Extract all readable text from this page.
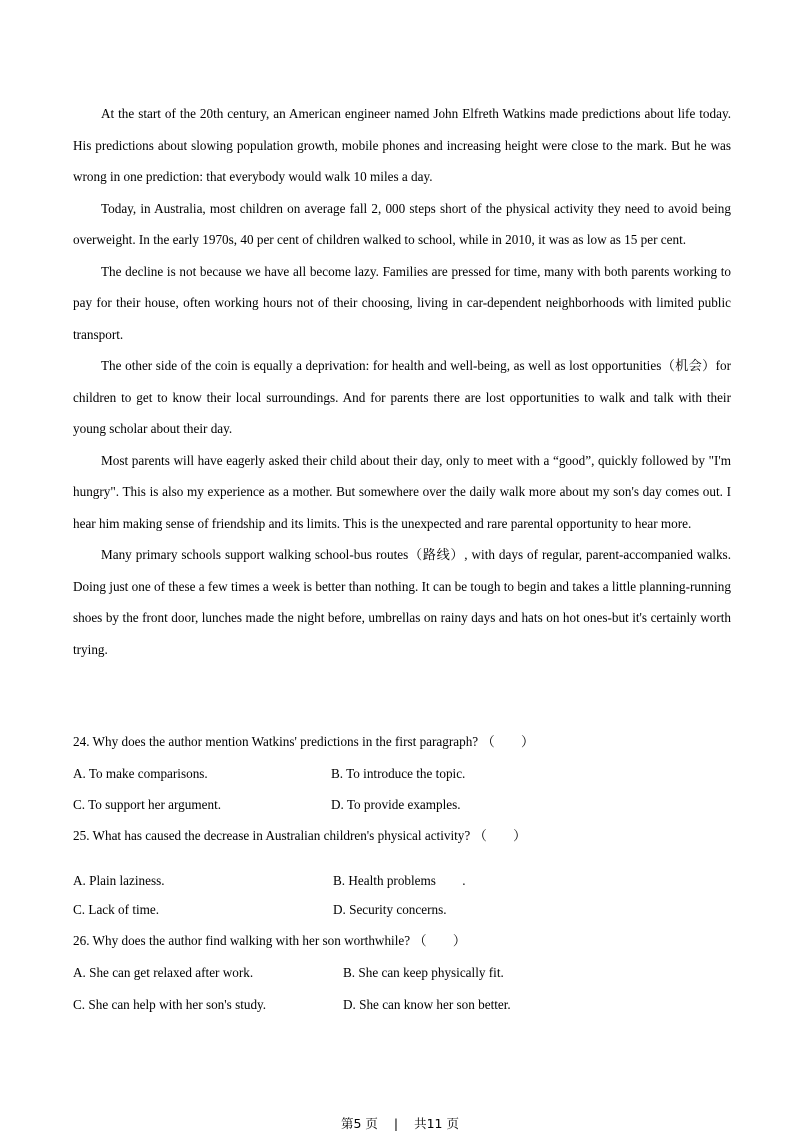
At the start of the 20th century, an American engineer named John Elfreth Watkins made predictions about life today. His predictions about slowing population growth, mobile phones and increasing height were close to the mark. But he was wrong in one prediction: that everybody would walk 10 miles a day.

Today, in Australia, most children on average fall 2, 000 steps short of the physical activity they need to avoid being overweight. In the early 1970s, 40 per cent of children walked to school, while in 2010, it was as low as 15 per cent.

The decline is not because we have all become lazy. Families are pressed for time, many with both parents working to pay for their house, often working hours not of their choosing, living in car-dependent neighborhoods with limited public transport.

The other side of the coin is equally a deprivation: for health and well-being, as well as lost opportunities（机会）for children to get to know their local surroundings. And for parents there are lost opportunities to walk and talk with their young scholar about their day.

Most parents will have eagerly asked their child about their day, only to meet with a “good”, quickly followed by "I'm hungry". This is also my experience as a mother. But somewhere over the daily walk more about my son's day comes out. I hear him making sense of friendship and its limits. This is the unexpected and rare parental opportunity to hear more.

Many primary schools support walking school-bus routes（路线）, with days of regular, parent-accompanied walks. Doing just one of these a few times a week is better than nothing. It can be tough to begin and takes a little planning-running shoes by the front door, lunches made the night before, umbrellas on rainy days and hats on hot ones-but it's certainly worth trying.

24. Why does the author mention Watkins' predictions in the first paragraph? （　　）
A. To make comparisons.	B. To introduce the topic.
C. To support her argument.	D. To provide examples.
25. What has caused the decrease in Australian children's physical activity? （　　）
A. Plain laziness.	B. Health problems　　.
C. Lack of time.	D. Security concerns.
26. Why does the author find walking with her son worthwhile? （　　）
A. She can get relaxed after work.	B. She can keep physically fit.
C. She can help with her son's study.	D. She can know her son better.
第5 页 | 共11 页
